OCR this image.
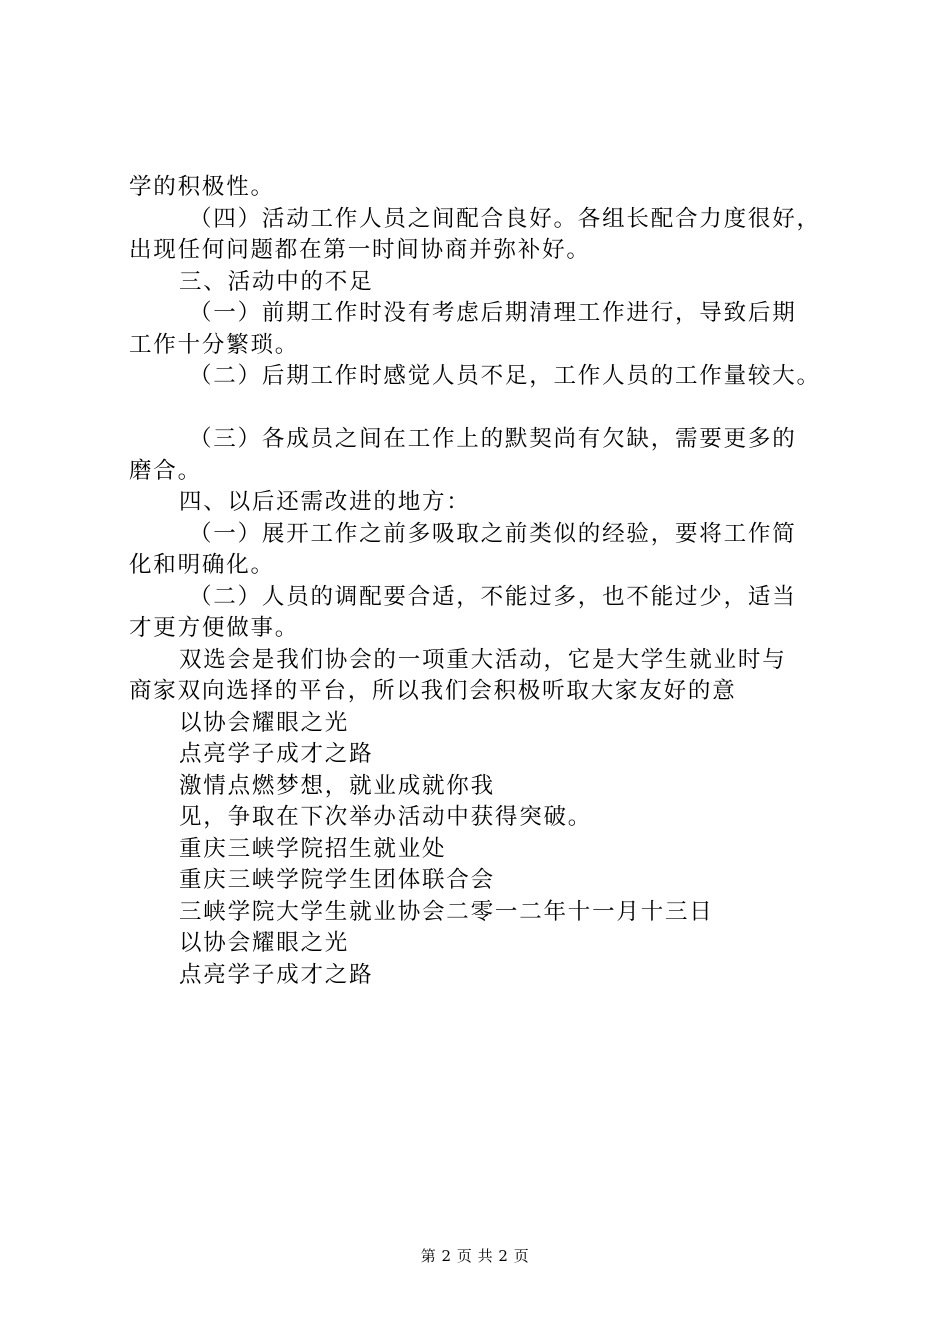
学的积极性。
（四）活动工作人员之间配合良好。各组长配合力度很好，
出现任何问题都在第一时间协商并弥补好。
三、活动中的不足
（一）前期工作时没有考虑后期清理工作进行，导致后期
工作十分繁琐。
（二）后期工作时感觉人员不足，工作人员的工作量较大。
（三）各成员之间在工作上的默契尚有欠缺，需要更多的
磨合。
四、以后还需改进的地方：
（一）展开工作之前多吸取之前类似的经验，要将工作简
化和明确化。
（二）人员的调配要合适，不能过多，也不能过少，适当
才更方便做事。
双选会是我们协会的一项重大活动，它是大学生就业时与
商家双向选择的平台，所以我们会积极听取大家友好的意
以协会耀眼之光
点亮学子成才之路
激情点燃梦想，就业成就你我
见，争取在下次举办活动中获得突破。
重庆三峡学院招生就业处
重庆三峡学院学生团体联合会
三峡学院大学生就业协会二零一二年十一月十三日
以协会耀眼之光
点亮学子成才之路
第 2 页 共 2 页
